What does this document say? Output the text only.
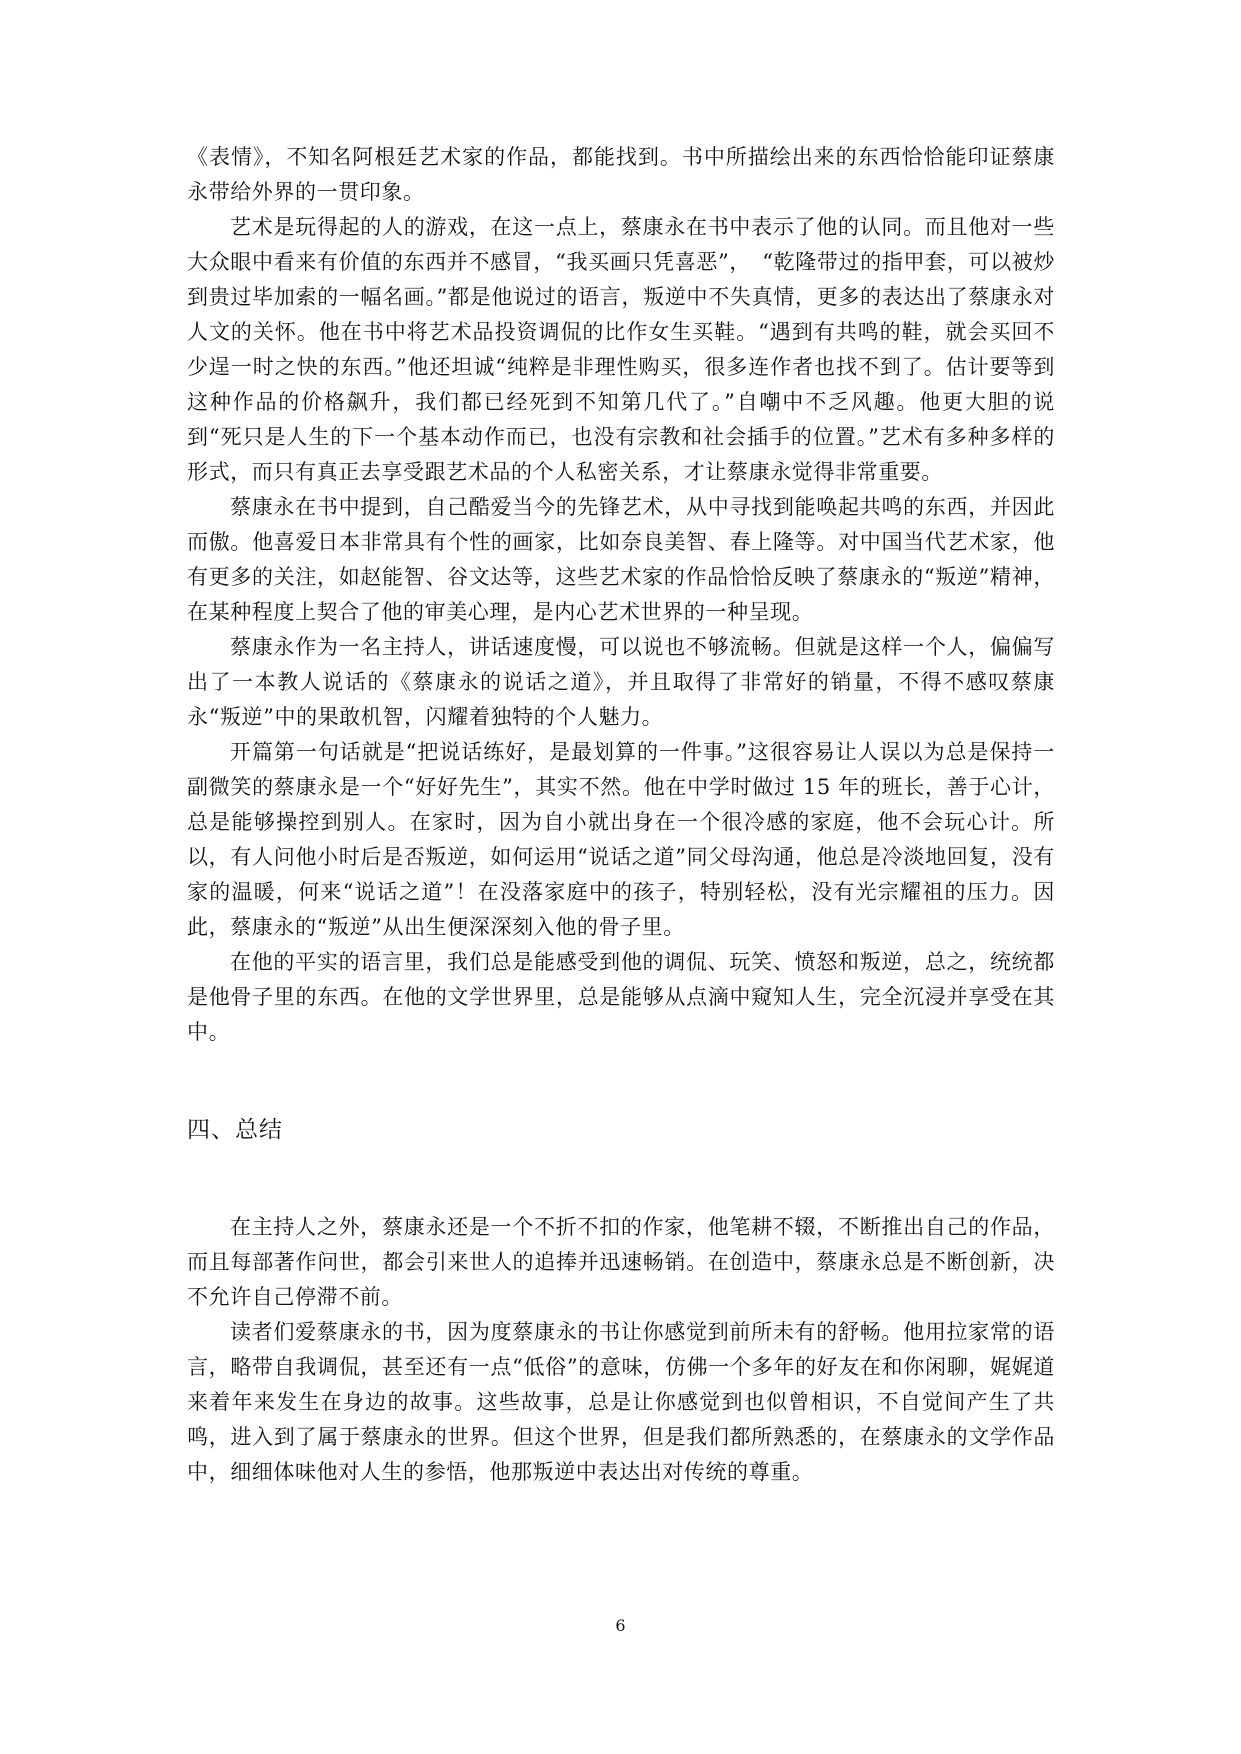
《表情》，不知名阿根廷艺术家的作品，都能找到。书中所描绘出来的东西恰恰能印证蔡康永带给外界的一贯印象。

艺术是玩得起的人的游戏，在这一点上，蔡康永在书中表示了他的认同。而且他对一些大众眼中看来有价值的东西并不感冒，“我买画只凭喜恶”，　“乾隆带过的指甲套，可以被炒到贵过毕加索的一幅名画。”都是他说过的语言，叛逆中不失真情，更多的表达出了蔡康永对人文的关怀。他在书中将艺术品投资调侃的比作女生买鞋。“遇到有共鸣的鞋，就会买回不少逞一时之快的东西。”他还坦诚“纯粹是非理性购买，很多连作者也找不到了。估计要等到这种作品的价格飙升，我们都已经死到不知第几代了。”自嘲中不乏风趣。他更大胆的说到“死只是人生的下一个基本动作而已，也没有宗教和社会插手的位置。”艺术有多种多样的形式，而只有真正去享受跟艺术品的个人私密关系，才让蔡康永觉得非常重要。

蔡康永在书中提到，自己酷爱当今的先锋艺术，从中寻找到能唤起共鸣的东西，并因此而傲。他喜爱日本非常具有个性的画家，比如奈良美智、春上隆等。对中国当代艺术家，他有更多的关注，如赵能智、谷文达等，这些艺术家的作品恰恰反映了蔡康永的“叛逆”精神，在某种程度上契合了他的审美心理，是内心艺术世界的一种呈现。

蔡康永作为一名主持人，讲话速度慢，可以说也不够流畅。但就是这样一个人，偏偏写出了一本教人说话的《蔡康永的说话之道》，并且取得了非常好的销量，不得不感叹蔡康永“叛逆”中的果敢机智，闪耀着独特的个人魅力。

开篇第一句话就是“把说话练好，是最划算的一件事。”这很容易让人误以为总是保持一副微笑的蔡康永是一个“好好先生”，其实不然。他在中学时做过 15 年的班长，善于心计，总是能够操控到别人。在家时，因为自小就出身在一个很冷感的家庭，他不会玩心计。所以，有人问他小时后是否叛逆，如何运用“说话之道”同父母沟通，他总是冷淡地回复，没有家的温暖，何来“说话之道”！在没落家庭中的孩子，特别轻松，没有光宗耀祖的压力。因此，蔡康永的“叛逆”从出生便深深刻入他的骨子里。

在他的平实的语言里，我们总是能感受到他的调侃、玩笑、愤怒和叛逆，总之，统统都是他骨子里的东西。在他的文学世界里，总是能够从点滴中窥知人生，完全沉浸并享受在其中。

四、总结

在主持人之外，蔡康永还是一个不折不扣的作家，他笔耕不辍，不断推出自己的作品，而且每部著作问世，都会引来世人的追捧并迅速畅销。在创造中，蔡康永总是不断创新，决不允许自己停滞不前。

读者们爱蔡康永的书，因为度蔡康永的书让你感觉到前所未有的舒畅。他用拉家常的语言，略带自我调侃，甚至还有一点“低俗”的意味，仿佛一个多年的好友在和你闲聊，娓娓道来着年来发生在身边的故事。这些故事，总是让你感觉到也似曾相识，不自觉间产生了共鸣，进入到了属于蔡康永的世界。但这个世界，但是我们都所熟悉的，在蔡康永的文学作品中，细细体味他对人生的参悟，他那叛逆中表达出对传统的尊重。

6
